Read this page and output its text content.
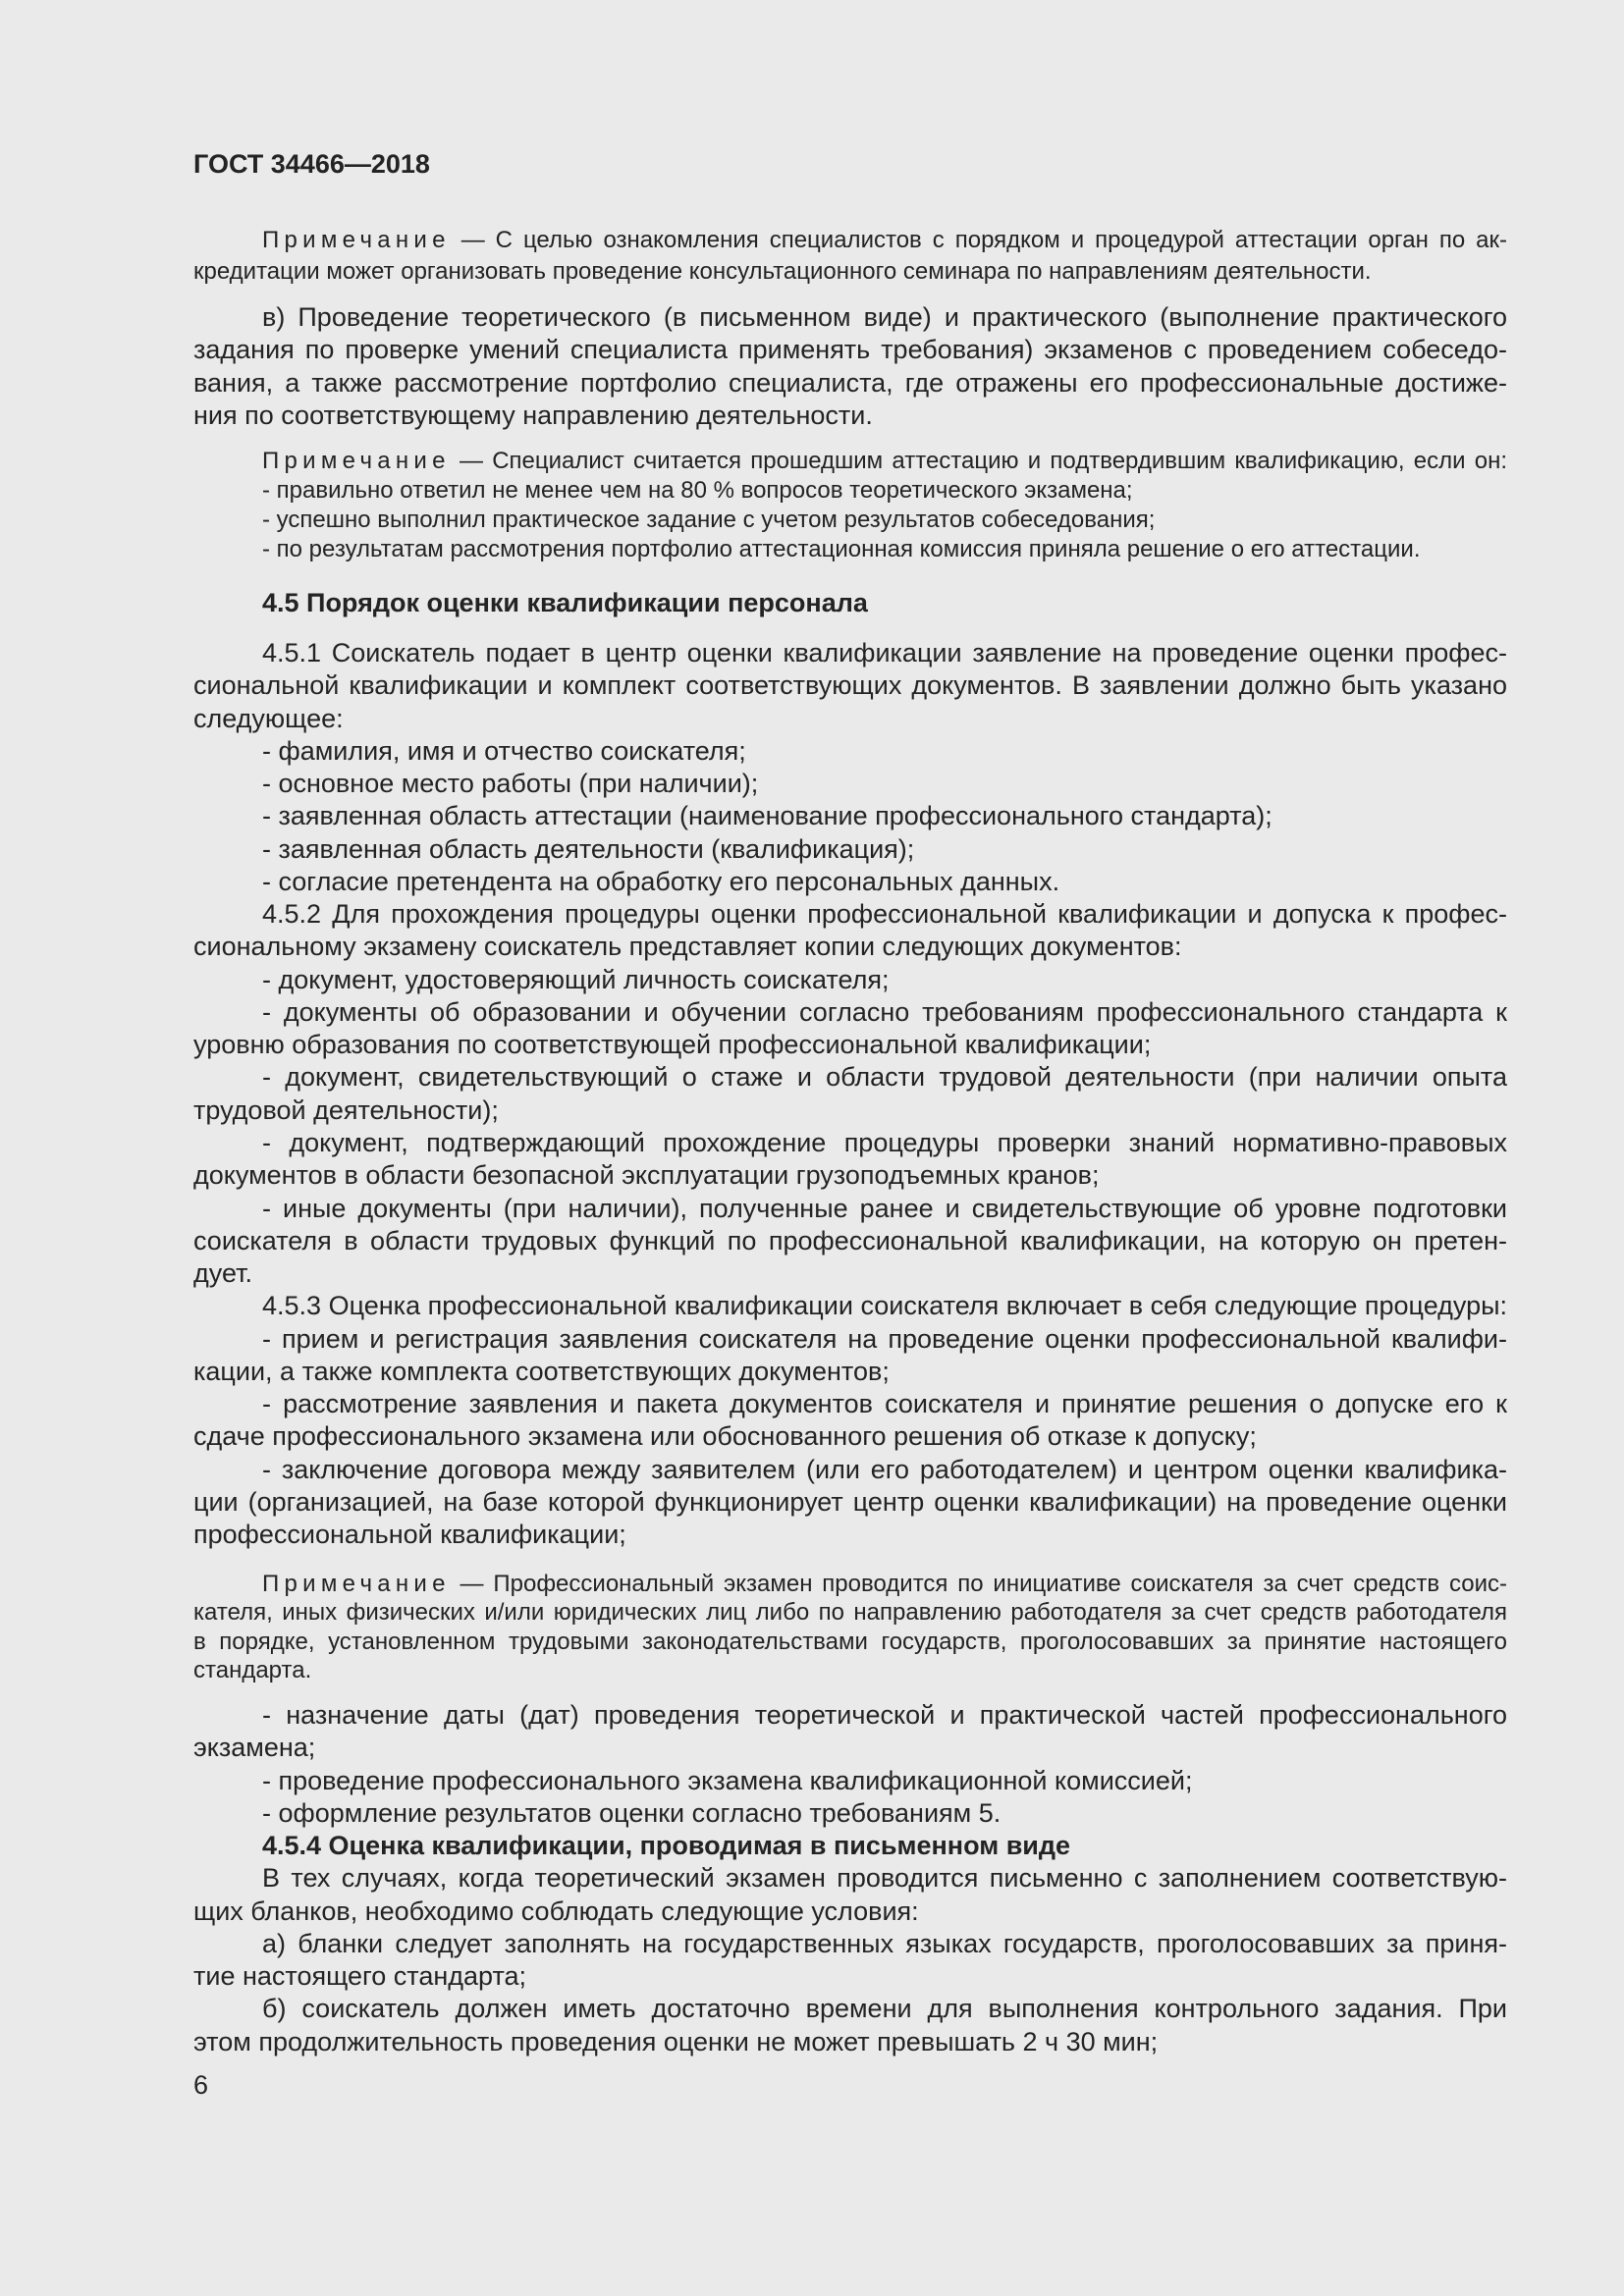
ГОСТ 34466—2018
Примечание — С целью ознакомления специалистов с порядком и процедурой аттестации орган по ак-
кредитации может организовать проведение консультационного семинара по направлениям деятельности.
в) Проведение теоретического (в письменном виде) и практического (выполнение практического
задания по проверке умений специалиста применять требования) экзаменов с проведением собеседо-
вания, а также рассмотрение портфолио специалиста, где отражены его профессиональные достиже-
ния по соответствующему направлению деятельности.
Примечание — Специалист считается прошедшим аттестацию и подтвердившим квалификацию, если он:
- правильно ответил не менее чем на 80 % вопросов теоретического экзамена;
- успешно выполнил практическое задание с учетом результатов собеседования;
- по результатам рассмотрения портфолио аттестационная комиссия приняла решение о его аттестации.
4.5 Порядок оценки квалификации персонала
4.5.1 Соискатель подает в центр оценки квалификации заявление на проведение оценки профес-
сиональной квалификации и комплект соответствующих документов. В заявлении должно быть указано
следующее:
- фамилия, имя и отчество соискателя;
- основное место работы (при наличии);
- заявленная область аттестации (наименование профессионального стандарта);
- заявленная область деятельности (квалификация);
- согласие претендента на обработку его персональных данных.
4.5.2 Для прохождения процедуры оценки профессиональной квалификации и допуска к профес-
сиональному экзамену соискатель представляет копии следующих документов:
- документ, удостоверяющий личность соискателя;
- документы об образовании и обучении согласно требованиям профессионального стандарта к
уровню образования по соответствующей профессиональной квалификации;
- документ, свидетельствующий о стаже и области трудовой деятельности (при наличии опыта
трудовой деятельности);
- документ, подтверждающий прохождение процедуры проверки знаний нормативно-правовых
документов в области безопасной эксплуатации грузоподъемных кранов;
- иные документы (при наличии), полученные ранее и свидетельствующие об уровне подготовки
соискателя в области трудовых функций по профессиональной квалификации, на которую он претен-
дует.
4.5.3 Оценка профессиональной квалификации соискателя включает в себя следующие процедуры:
- прием и регистрация заявления соискателя на проведение оценки профессиональной квалифи-
кации, а также комплекта соответствующих документов;
- рассмотрение заявления и пакета документов соискателя и принятие решения о допуске его к
сдаче профессионального экзамена или обоснованного решения об отказе к допуску;
- заключение договора между заявителем (или его работодателем) и центром оценки квалифика-
ции (организацией, на базе которой функционирует центр оценки квалификации) на проведение оценки
профессиональной квалификации;
Примечание — Профессиональный экзамен проводится по инициативе соискателя за счет средств соис-
кателя, иных физических и/или юридических лиц либо по направлению работодателя за счет средств работодателя
в порядке, установленном трудовыми законодательствами государств, проголосовавших за принятие настоящего
стандарта.
- назначение даты (дат) проведения теоретической и практической частей профессионального
экзамена;
- проведение профессионального экзамена квалификационной комиссией;
- оформление результатов оценки согласно требованиям 5.
4.5.4 Оценка квалификации, проводимая в письменном виде
В тех случаях, когда теоретический экзамен проводится письменно с заполнением соответствую-
щих бланков, необходимо соблюдать следующие условия:
а) бланки следует заполнять на государственных языках государств, проголосовавших за приня-
тие настоящего стандарта;
б) соискатель должен иметь достаточно времени для выполнения контрольного задания. При
этом продолжительность проведения оценки не может превышать 2 ч 30 мин;
6
